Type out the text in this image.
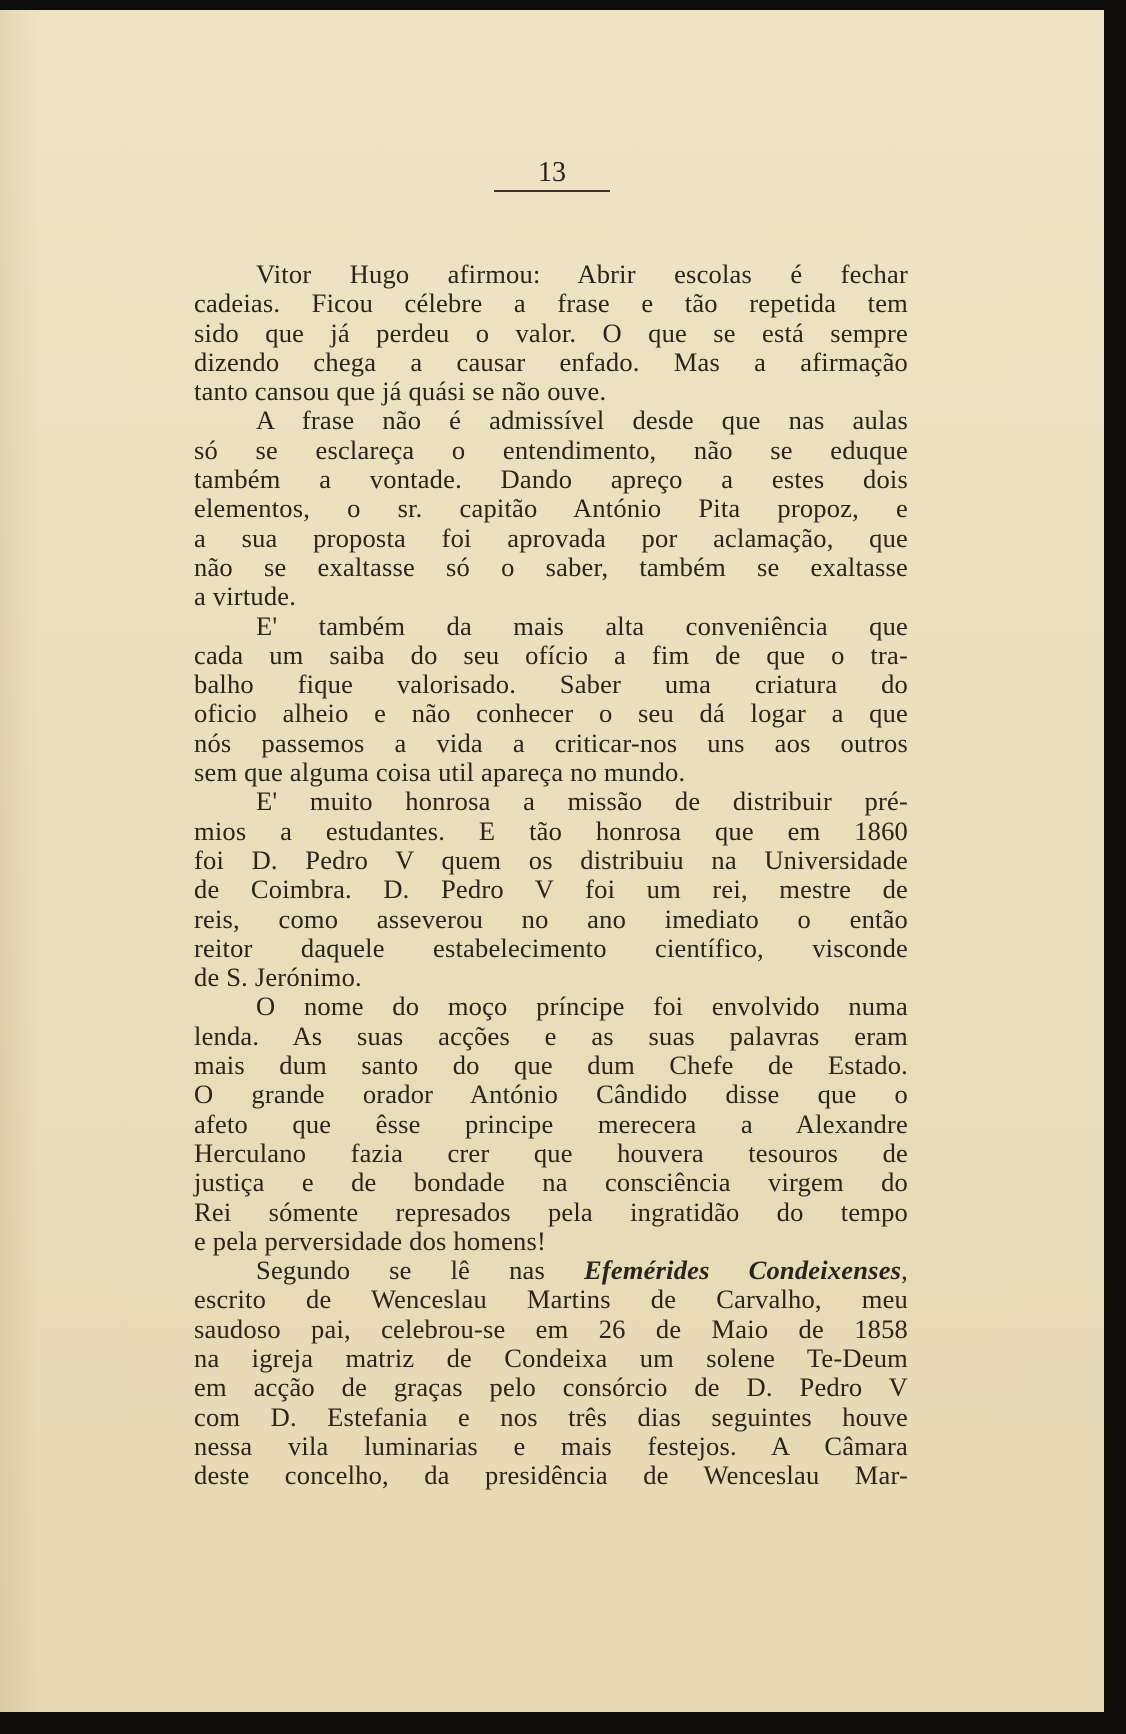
13
Vitor Hugo afirmou: Abrir escolas é fechar
cadeias. Ficou célebre a frase e tão repetida tem
sido que já perdeu o valor. O que se está sempre
dizendo chega a causar enfado. Mas a afirmação
tanto cansou que já quási se não ouve.
A frase não é admissível desde que nas aulas
só se esclareça o entendimento, não se eduque
também a vontade. Dando apreço a estes dois
elementos, o sr. capitão António Pita propoz, e
a sua proposta foi aprovada por aclamação, que
não se exaltasse só o saber, também se exaltasse
a virtude.
E' também da mais alta conveniência que
cada um saiba do seu ofício a fim de que o tra-
balho fique valorisado. Saber uma criatura do
oficio alheio e não conhecer o seu dá logar a que
nós passemos a vida a criticar-nos uns aos outros
sem que alguma coisa util apareça no mundo.
E' muito honrosa a missão de distribuir pré-
mios a estudantes. E tão honrosa que em 1860
foi D. Pedro V quem os distribuiu na Universidade
de Coimbra. D. Pedro V foi um rei, mestre de
reis, como asseverou no ano imediato o então
reitor daquele estabelecimento científico, visconde
de S. Jerónimo.
O nome do moço príncipe foi envolvido numa
lenda. As suas acções e as suas palavras eram
mais dum santo do que dum Chefe de Estado.
O grande orador António Cândido disse que o
afeto que êsse principe merecera a Alexandre
Herculano fazia crer que houvera tesouros de
justiça e de bondade na consciência virgem do
Rei sómente represados pela ingratidão do tempo
e pela perversidade dos homens!
Segundo se lê nas Efemérides Condeixenses,
escrito de Wenceslau Martins de Carvalho, meu
saudoso pai, celebrou-se em 26 de Maio de 1858
na igreja matriz de Condeixa um solene Te-Deum
em acção de graças pelo consórcio de D. Pedro V
com D. Estefania e nos três dias seguintes houve
nessa vila luminarias e mais festejos. A Câmara
deste concelho, da presidência de Wenceslau Mar-
